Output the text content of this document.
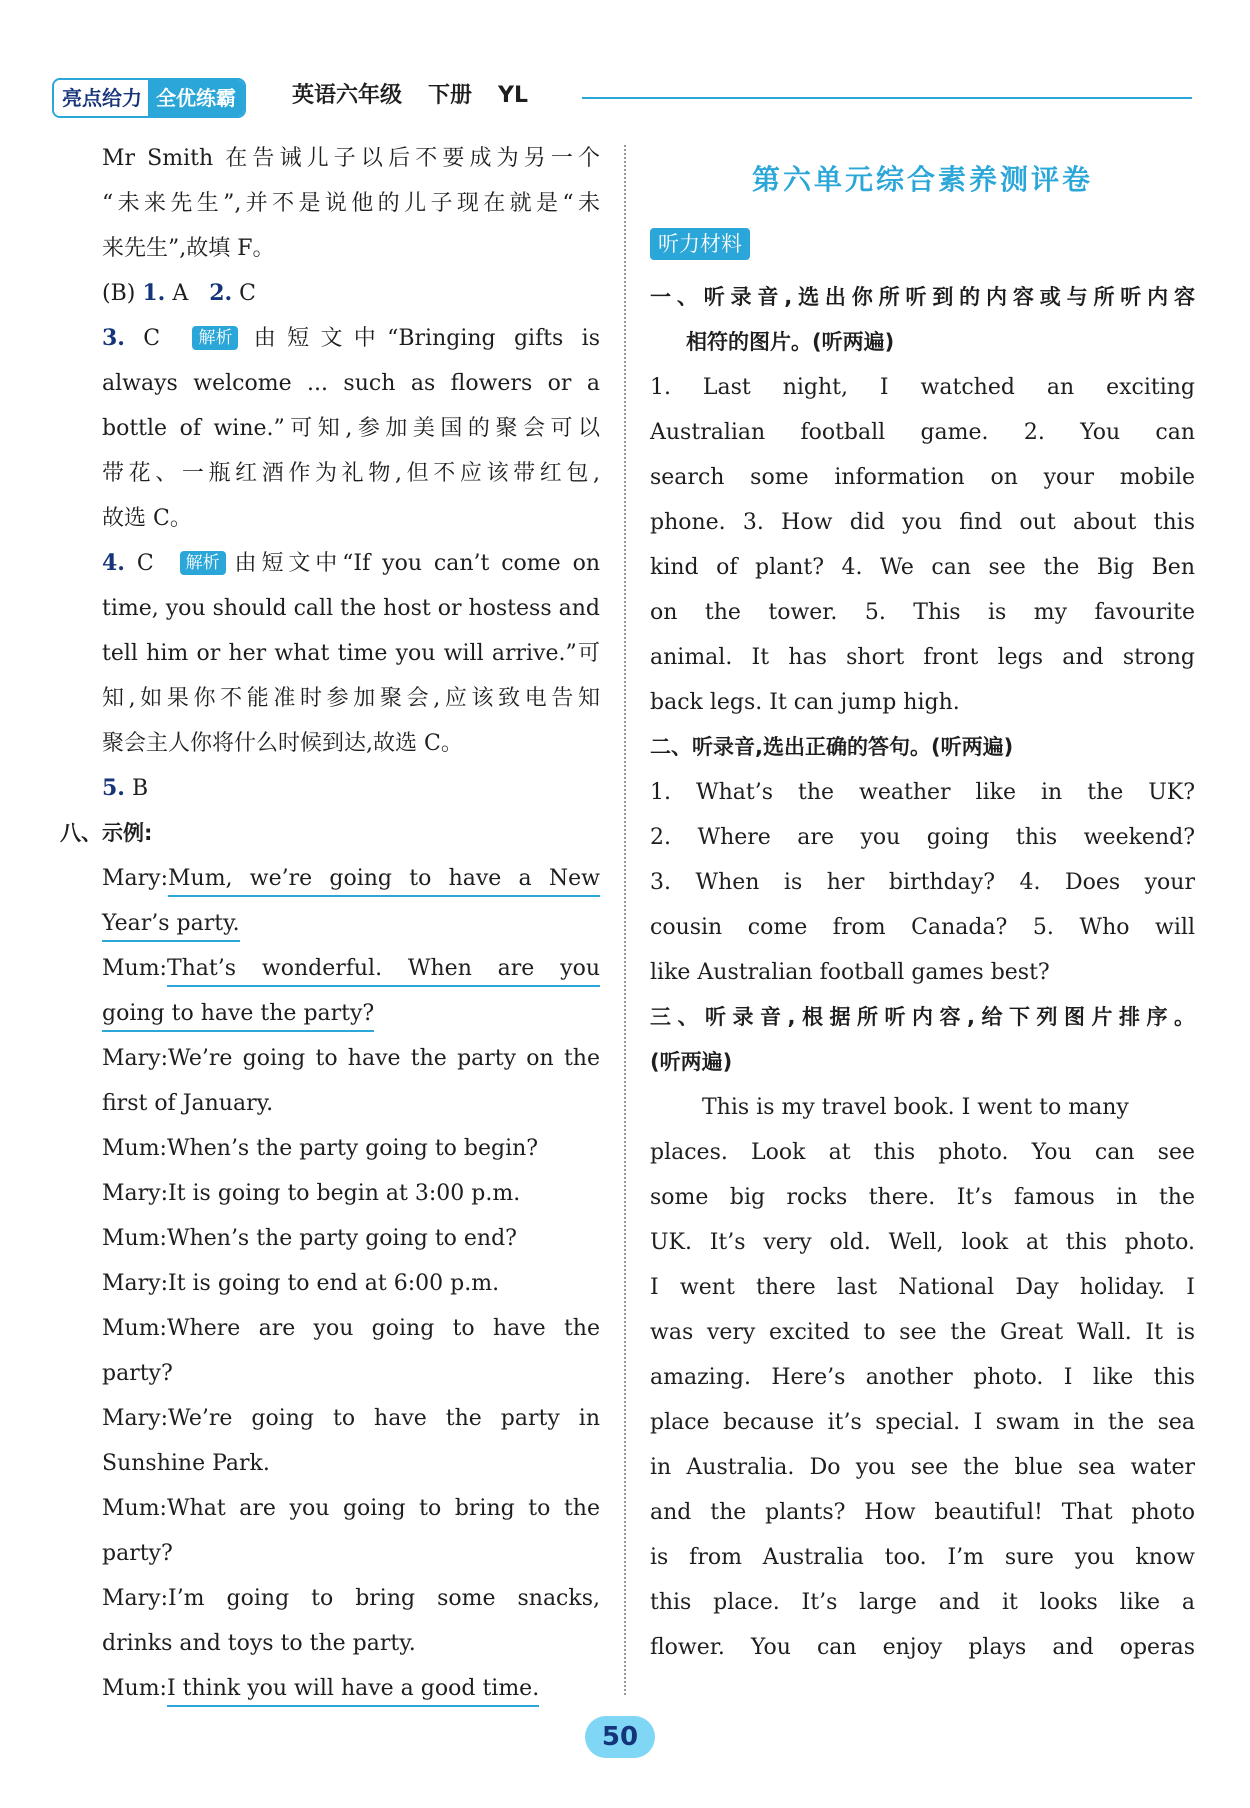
亮点给力 全优练霸	英语六年级 下册 YL

Mr Smith 在告诫儿子以后不要成为另一个

“未来先生”,并不是说他的儿子现在就是“未

来先生”,故填 F。

(B) 1. A 2. C

3. C 解析 由短文中“Bringing gifts is

always welcome ... such as flowers or a

bottle of wine.”可知,参加美国的聚会可以

带花、一瓶红酒作为礼物,但不应该带红包,

故选 C。

4. C 解析 由短文中“If you can’t come on

time, you should call the host or hostess and

tell him or her what time you will arrive.”可

知,如果你不能准时参加聚会,应该致电告知

聚会主人你将什么时候到达,故选 C。

5. B

八、示例:

Mary:Mum, we’re going to have a New

Year’s party.

Mum:That’s wonderful. When are you

going to have the party?

Mary:We’re going to have the party on the

first of January.

Mum:When’s the party going to begin?

Mary:It is going to begin at 3:00 p.m.

Mum:When’s the party going to end?

Mary:It is going to end at 6:00 p.m.

Mum:Where are you going to have the

party?

Mary:We’re going to have the party in

Sunshine Park.

Mum:What are you going to bring to the

party?

Mary:I’m going to bring some snacks,

drinks and toys to the party.

Mum:I think you will have a good time.

第六单元综合素养测评卷
听力材料

一、听录音,选出你所听到的内容或与所听内容

相符的图片。(听两遍)

1. Last night, I watched an exciting

Australian football game. 2. You can

search some information on your mobile

phone. 3. How did you find out about this

kind of plant? 4. We can see the Big Ben

on the tower. 5. This is my favourite

animal. It has short front legs and strong

back legs. It can jump high.

二、听录音,选出正确的答句。(听两遍)

1. What’s the weather like in the UK?

2. Where are you going this weekend?

3. When is her birthday? 4. Does your

cousin come from Canada? 5. Who will

like Australian football games best?

三、听录音,根据所听内容,给下列图片排序。

(听两遍)

This is my travel book. I went to many

places. Look at this photo. You can see

some big rocks there. It’s famous in the

UK. It’s very old. Well, look at this photo.

I went there last National Day holiday. I

was very excited to see the Great Wall. It is

amazing. Here’s another photo. I like this

place because it’s special. I swam in the sea

in Australia. Do you see the blue sea water

and the plants? How beautiful! That photo

is from Australia too. I’m sure you know

this place. It’s large and it looks like a

flower. You can enjoy plays and operas

50
